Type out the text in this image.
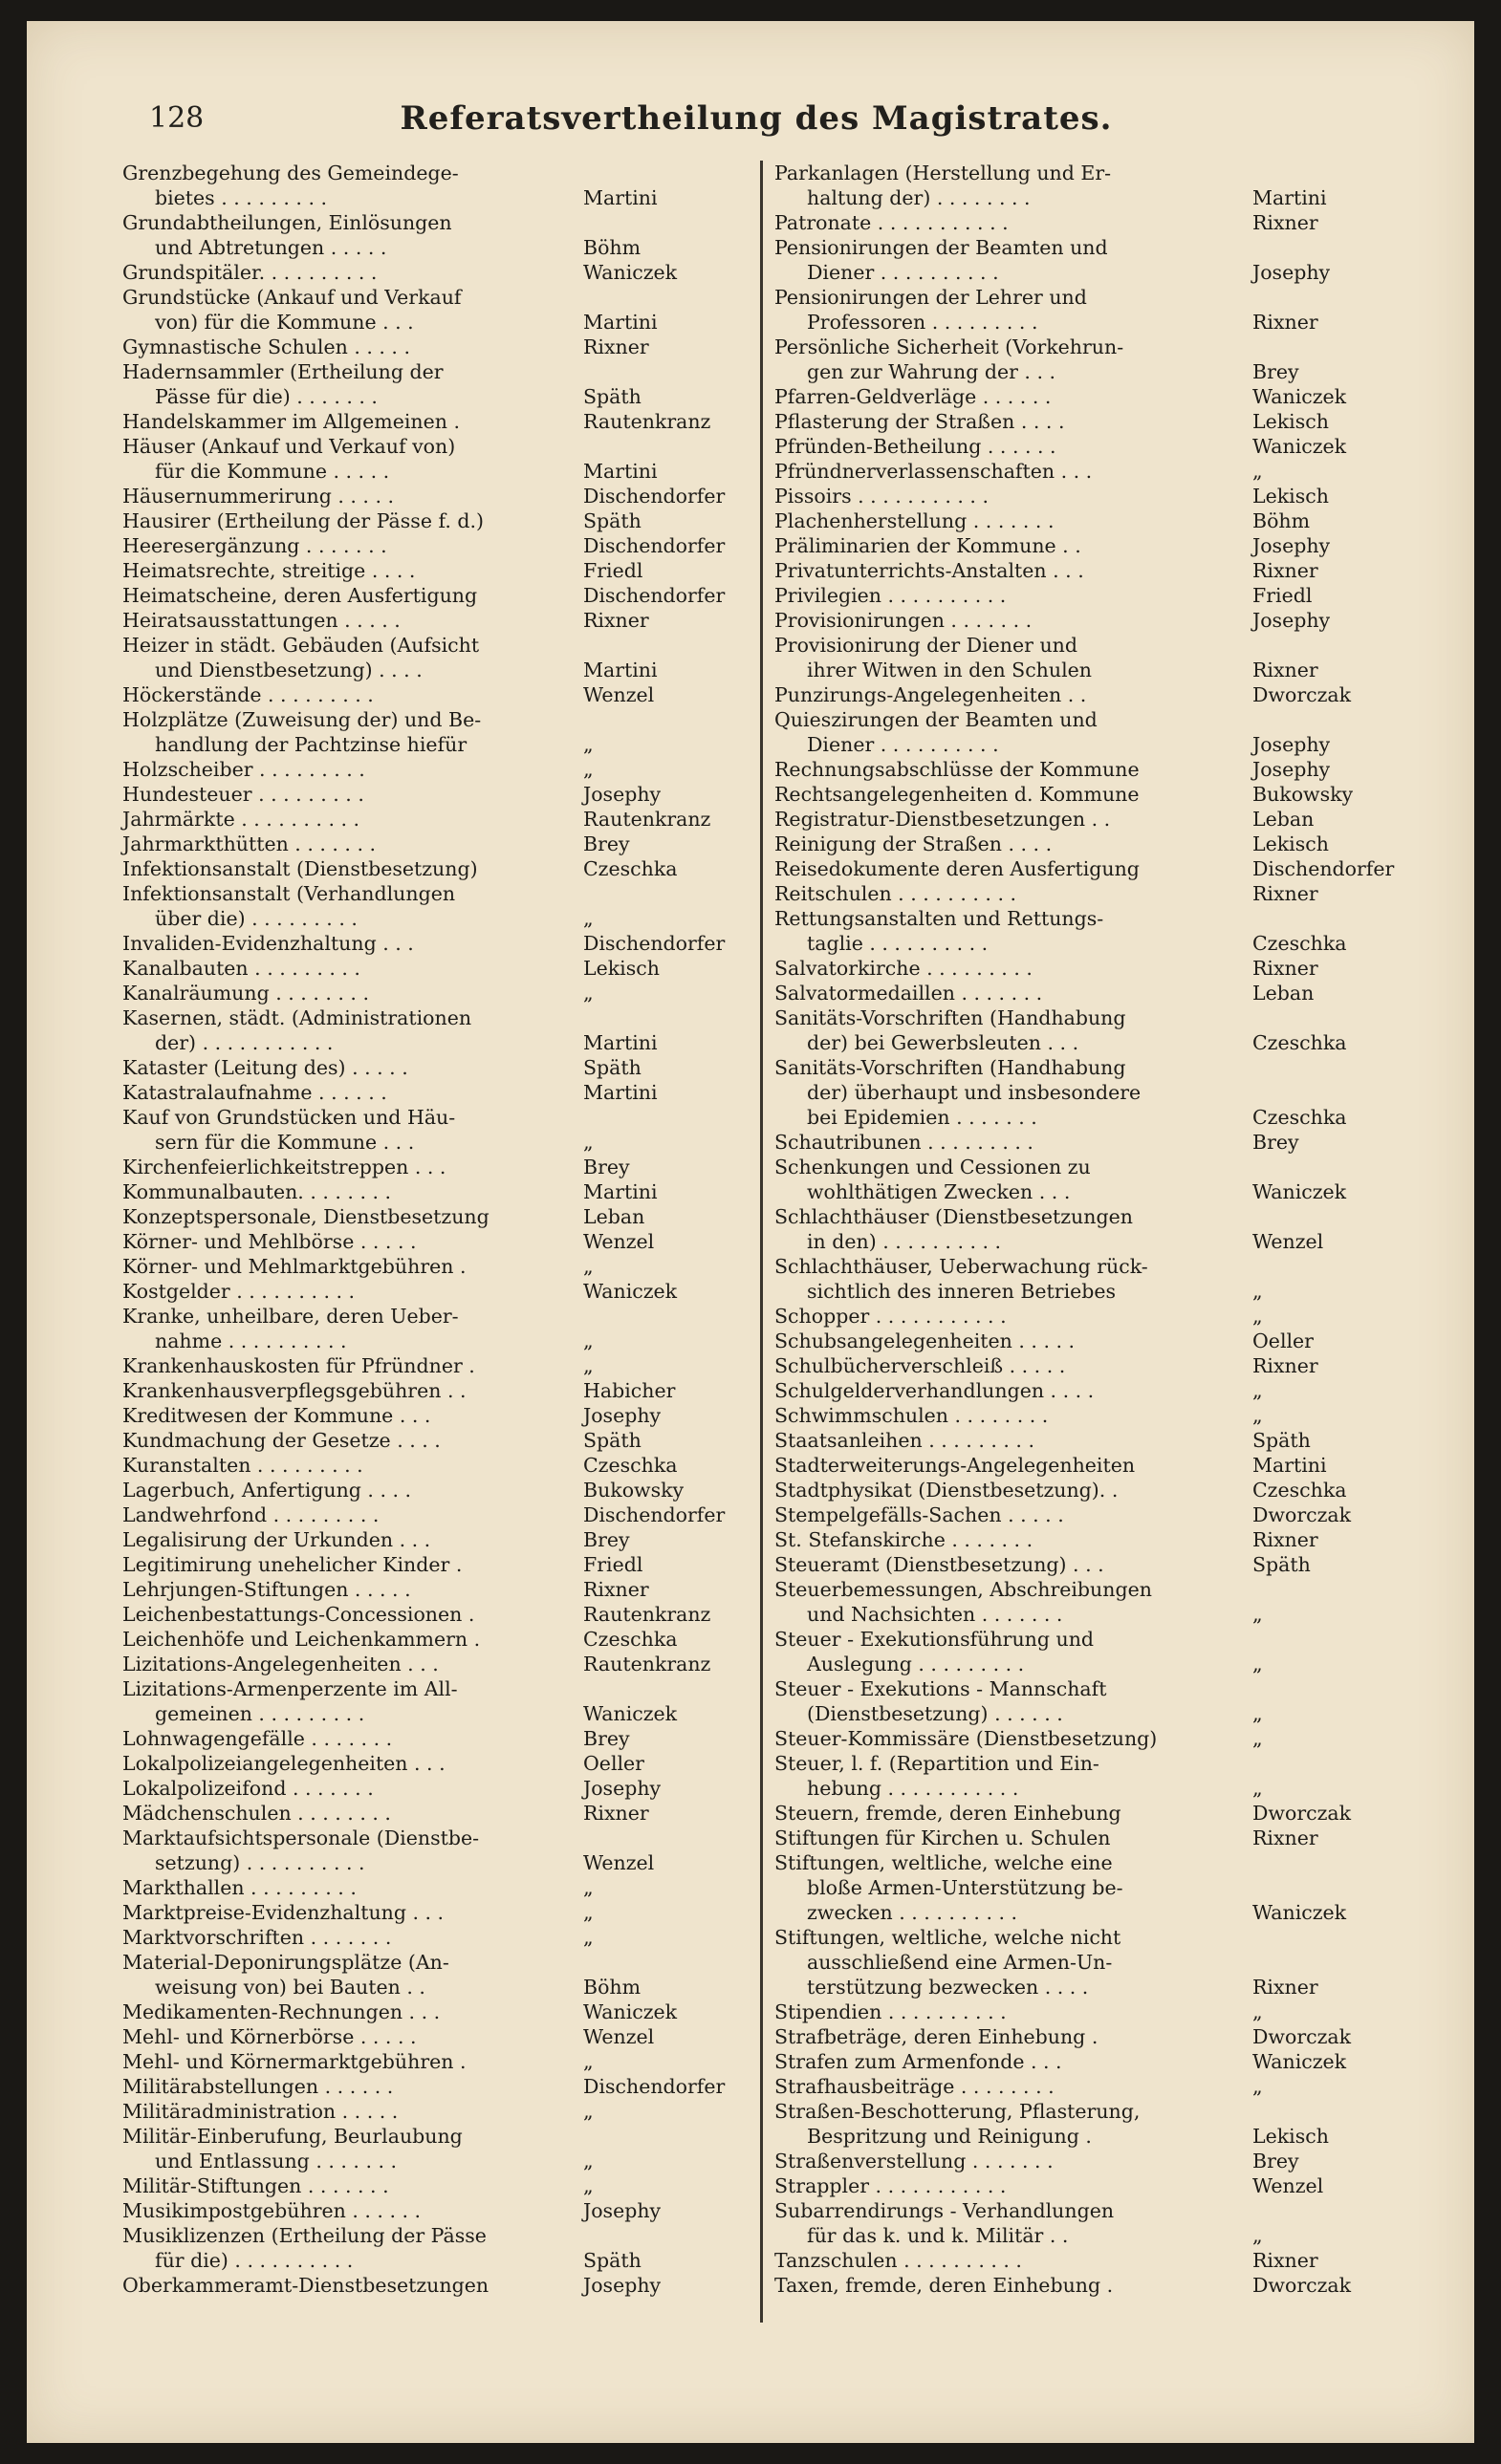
128	Referatsvertheilung des Magistrates.
Grenzbegehung des Gemeindege-
bietes . . . . . . . . .	Martini
Grundabtheilungen, Einlösungen
und Abtretungen . . . . .	Böhm
Grundspitäler. . . . . . . . . .	Waniczek
Grundstücke (Ankauf und Verkauf
von) für die Kommune . . .	Martini
Gymnastische Schulen . . . . .	Rixner
Hadernsammler (Ertheilung der
Pässe für die) . . . . . . .	Späth
Handelskammer im Allgemeinen .	Rautenkranz
Häuser (Ankauf und Verkauf von)
für die Kommune . . . . .	Martini
Häusernummerirung . . . . .	Dischendorfer
Hausirer (Ertheilung der Pässe f. d.)	Späth
Heeresergänzung . . . . . . .	Dischendorfer
Heimatsrechte, streitige . . . .	Friedl
Heimatscheine, deren Ausfertigung	Dischendorfer
Heiratsausstattungen . . . . .	Rixner
Heizer in städt. Gebäuden (Aufsicht
und Dienstbesetzung) . . . .	Martini
Höckerstände . . . . . . . . .	Wenzel
Holzplätze (Zuweisung der) und Be-
handlung der Pachtzinse hiefür	„
Holzscheiber . . . . . . . . .	„
Hundesteuer . . . . . . . . .	Josephy
Jahrmärkte . . . . . . . . . .	Rautenkranz
Jahrmarkthütten . . . . . . .	Brey
Infektionsanstalt (Dienstbesetzung)	Czeschka
Infektionsanstalt (Verhandlungen
über die) . . . . . . . . .	„
Invaliden-Evidenzhaltung . . .	Dischendorfer
Kanalbauten . . . . . . . . .	Lekisch
Kanalräumung . . . . . . . .	„
Kasernen, städt. (Administrationen
der) . . . . . . . . . . .	Martini
Kataster (Leitung des) . . . . .	Späth
Katastralaufnahme . . . . . .	Martini
Kauf von Grundstücken und Häu-
sern für die Kommune . . .	„
Kirchenfeierlichkeitstreppen . . .	Brey
Kommunalbauten. . . . . . . .	Martini
Konzeptspersonale, Dienstbesetzung	Leban
Körner- und Mehlbörse . . . . .	Wenzel
Körner- und Mehlmarktgebühren .	„
Kostgelder . . . . . . . . . .	Waniczek
Kranke, unheilbare, deren Ueber-
nahme . . . . . . . . . .	„
Krankenhauskosten für Pfründner .	„
Krankenhausverpflegsgebühren . .	Habicher
Kreditwesen der Kommune . . .	Josephy
Kundmachung der Gesetze . . . .	Späth
Kuranstalten . . . . . . . . .	Czeschka
Lagerbuch, Anfertigung . . . .	Bukowsky
Landwehrfond . . . . . . . . .	Dischendorfer
Legalisirung der Urkunden . . .	Brey
Legitimirung unehelicher Kinder .	Friedl
Lehrjungen-Stiftungen . . . . .	Rixner
Leichenbestattungs-Concessionen .	Rautenkranz
Leichenhöfe und Leichenkammern .	Czeschka
Lizitations-Angelegenheiten . . .	Rautenkranz
Lizitations-Armenperzente im All-
gemeinen . . . . . . . . .	Waniczek
Lohnwagengefälle . . . . . . .	Brey
Lokalpolizeiangelegenheiten . . .	Oeller
Lokalpolizeifond . . . . . . .	Josephy
Mädchenschulen . . . . . . . .	Rixner
Marktaufsichtspersonale (Dienstbe-
setzung) . . . . . . . . . .	Wenzel
Markthallen . . . . . . . . .	„
Marktpreise-Evidenzhaltung . . .	„
Marktvorschriften . . . . . . .	„
Material-Deponirungsplätze (An-
weisung von) bei Bauten . .	Böhm
Medikamenten-Rechnungen . . .	Waniczek
Mehl- und Körnerbörse . . . . .	Wenzel
Mehl- und Körnermarktgebühren .	„
Militärabstellungen . . . . . .	Dischendorfer
Militäradministration . . . . .	„
Militär-Einberufung, Beurlaubung
und Entlassung . . . . . . .	„
Militär-Stiftungen . . . . . . .	„
Musikimpostgebühren . . . . . .	Josephy
Musiklizenzen (Ertheilung der Pässe
für die) . . . . . . . . . .	Späth
Oberkammeramt-Dienstbesetzungen	Josephy
Parkanlagen (Herstellung und Er-
haltung der) . . . . . . . .	Martini
Patronate . . . . . . . . . . .	Rixner
Pensionirungen der Beamten und
Diener . . . . . . . . . .	Josephy
Pensionirungen der Lehrer und
Professoren . . . . . . . . .	Rixner
Persönliche Sicherheit (Vorkehrun-
gen zur Wahrung der . . .	Brey
Pfarren-Geldverläge . . . . . .	Waniczek
Pflasterung der Straßen . . . .	Lekisch
Pfründen-Betheilung . . . . . .	Waniczek
Pfründnerverlassenschaften . . .	„
Pissoirs . . . . . . . . . . .	Lekisch
Plachenherstellung . . . . . . .	Böhm
Präliminarien der Kommune . .	Josephy
Privatunterrichts-Anstalten . . .	Rixner
Privilegien . . . . . . . . . .	Friedl
Provisionirungen . . . . . . .	Josephy
Provisionirung der Diener und
ihrer Witwen in den Schulen	Rixner
Punzirungs-Angelegenheiten . .	Dworczak
Quieszirungen der Beamten und
Diener . . . . . . . . . .	Josephy
Rechnungsabschlüsse der Kommune	Josephy
Rechtsangelegenheiten d. Kommune	Bukowsky
Registratur-Dienstbesetzungen . .	Leban
Reinigung der Straßen . . . .	Lekisch
Reisedokumente deren Ausfertigung	Dischendorfer
Reitschulen . . . . . . . . . .	Rixner
Rettungsanstalten und Rettungs-
taglie . . . . . . . . . .	Czeschka
Salvatorkirche . . . . . . . . .	Rixner
Salvatormedaillen . . . . . . .	Leban
Sanitäts-Vorschriften (Handhabung
der) bei Gewerbsleuten . . .	Czeschka
Sanitäts-Vorschriften (Handhabung
der) überhaupt und insbesondere
bei Epidemien . . . . . . .	Czeschka
Schautribunen . . . . . . . . .	Brey
Schenkungen und Cessionen zu
wohlthätigen Zwecken . . .	Waniczek
Schlachthäuser (Dienstbesetzungen
in den) . . . . . . . . . .	Wenzel
Schlachthäuser, Ueberwachung rück-
sichtlich des inneren Betriebes	„
Schopper . . . . . . . . . . .	„
Schubsangelegenheiten . . . . .	Oeller
Schulbücherverschleiß . . . . .	Rixner
Schulgelderverhandlungen . . . .	„
Schwimmschulen . . . . . . . .	„
Staatsanleihen . . . . . . . . .	Späth
Stadterweiterungs-Angelegenheiten	Martini
Stadtphysikat (Dienstbesetzung). .	Czeschka
Stempelgefälls-Sachen . . . . .	Dworczak
St. Stefanskirche . . . . . . .	Rixner
Steueramt (Dienstbesetzung) . . .	Späth
Steuerbemessungen, Abschreibungen
und Nachsichten . . . . . . .	„
Steuer - Exekutionsführung und
Auslegung . . . . . . . . .	„
Steuer - Exekutions - Mannschaft
(Dienstbesetzung) . . . . . .	„
Steuer-Kommissäre (Dienstbesetzung)	„
Steuer, l. f. (Repartition und Ein-
hebung . . . . . . . . . . .	„
Steuern, fremde, deren Einhebung	Dworczak
Stiftungen für Kirchen u. Schulen	Rixner
Stiftungen, weltliche, welche eine
bloße Armen-Unterstützung be-
zwecken . . . . . . . . . .	Waniczek
Stiftungen, weltliche, welche nicht
ausschließend eine Armen-Un-
terstützung bezwecken . . . .	Rixner
Stipendien . . . . . . . . . .	„
Strafbeträge, deren Einhebung .	Dworczak
Strafen zum Armenfonde . . .	Waniczek
Strafhausbeiträge . . . . . . . .	„
Straßen-Beschotterung, Pflasterung,
Bespritzung und Reinigung .	Lekisch
Straßenverstellung . . . . . . .	Brey
Strappler . . . . . . . . . . .	Wenzel
Subarrendirungs - Verhandlungen
für das k. und k. Militär . .	„
Tanzschulen . . . . . . . . . .	Rixner
Taxen, fremde, deren Einhebung .	Dworczak
